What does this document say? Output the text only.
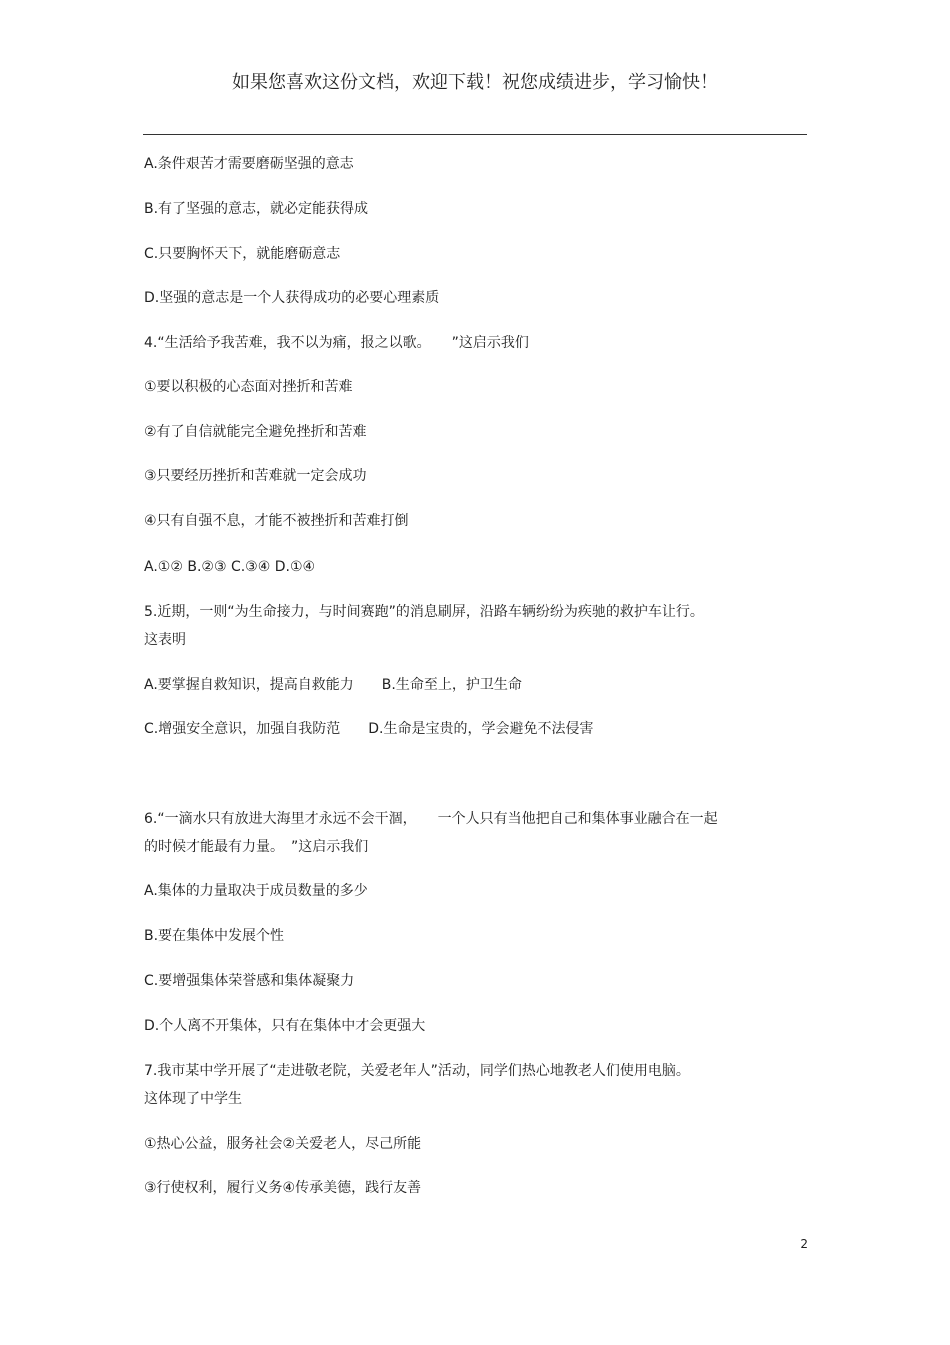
如果您喜欢这份文档，欢迎下载！祝您成绩进步，学习愉快！
A.条件艰苦才需要磨砺坚强的意志
B.有了坚强的意志，就必定能获得成
C.只要胸怀天下，就能磨砺意志
D.坚强的意志是一个人获得成功的必要心理素质
4.“生活给予我苦难，我不以为痛，报之以歌。　　”这启示我们
①要以积极的心态面对挫折和苦难
②有了自信就能完全避免挫折和苦难
③只要经历挫折和苦难就一定会成功
④只有自强不息，才能不被挫折和苦难打倒
A.①② B.②③ C.③④ D.①④
5.近期，一则“为生命接力，与时间赛跑”的消息刷屏，沿路车辆纷纷为疾驰的救护车让行。
这表明
A.要掌握自救知识，提高自救能力　　B.生命至上，护卫生命
C.增强安全意识，加强自我防范　　D.生命是宝贵的，学会避免不法侵害
6.“一滴水只有放进大海里才永远不会干涸，　　一个人只有当他把自己和集体事业融合在一起
的时候才能最有力量。　”这启示我们
A.集体的力量取决于成员数量的多少
B.要在集体中发展个性
C.要增强集体荣誉感和集体凝聚力
D.个人离不开集体，只有在集体中才会更强大
7.我市某中学开展了“走进敬老院，关爱老年人”活动，同学们热心地教老人们使用电脑。
这体现了中学生
①热心公益，服务社会②关爱老人，尽己所能
③行使权利，履行义务④传承美德，践行友善
2
